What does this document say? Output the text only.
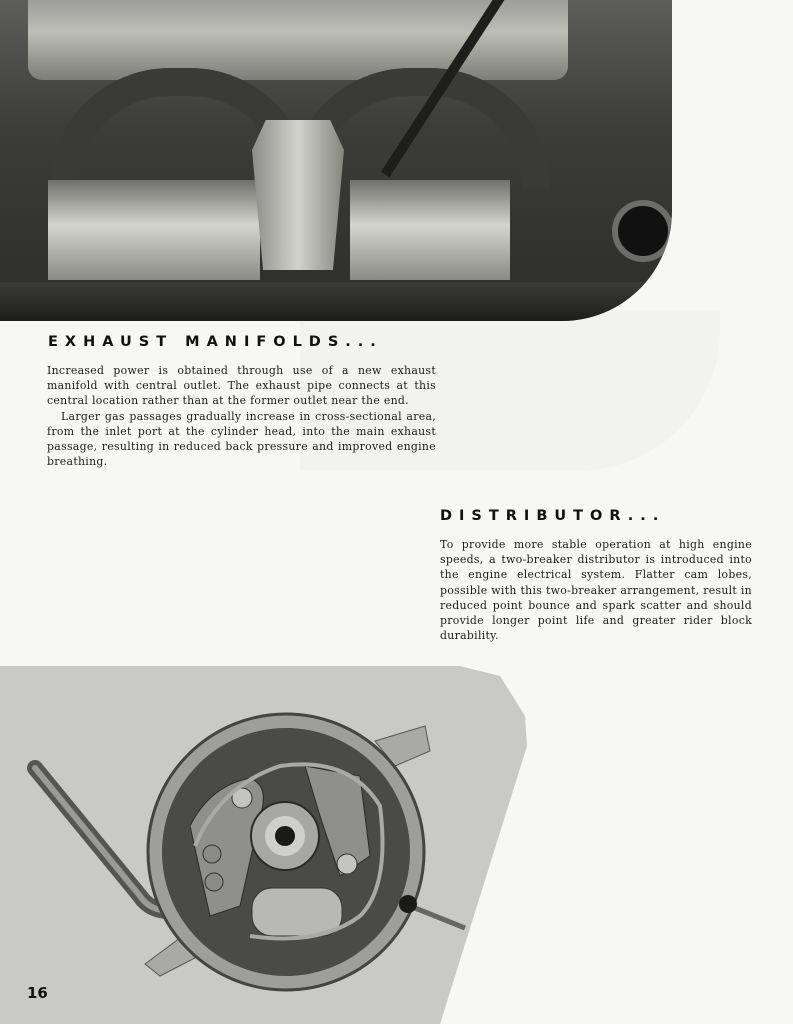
EXHAUST MANIFOLDS...

Increased power is obtained through use of a new exhaust manifold with central outlet. The exhaust pipe connects at this central location rather than at the former outlet near the end.

Larger gas passages gradually increase in cross-sectional area, from the inlet port at the cylinder head, into the main exhaust passage, resulting in reduced back pressure and improved engine breathing.

DISTRIBUTOR...

To provide more stable operation at high engine speeds, a two-breaker distributor is introduced into the engine electrical system. Flatter cam lobes, possible with this two-breaker arrangement, result in reduced point bounce and spark scatter and should provide longer point life and greater rider block durability.

16
